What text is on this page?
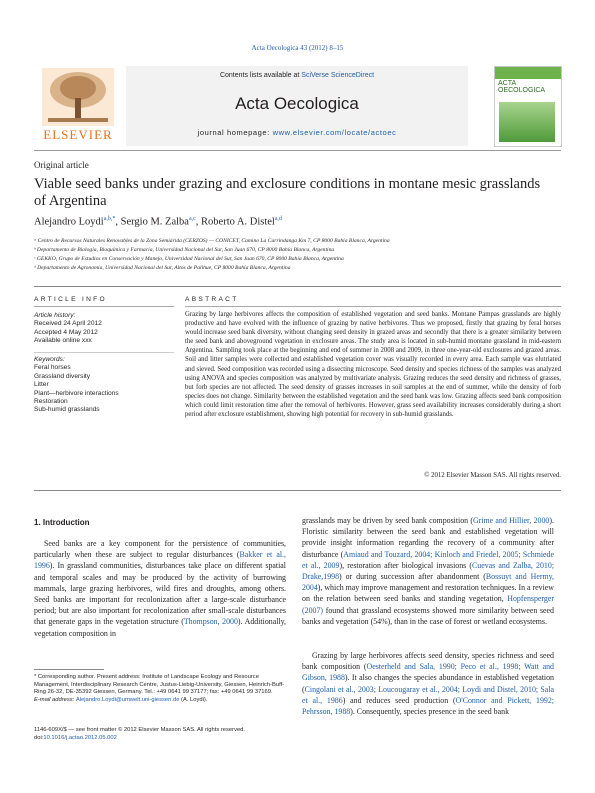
Acta Oecologica 43 (2012) 8–15
ELSEVIER
Contents lists available at SciVerse ScienceDirect
Acta Oecologica
journal homepage: www.elsevier.com/locate/actoec
ACTA
OECOLOGICA
Original article
Viable seed banks under grazing and exclosure conditions in montane mesic grasslands of Argentina
Alejandro Loydi$^{a,b,*}$, Sergio M. Zalba$^{a,c}$, Roberto A. Distel$^{a,d}$
ᵃ Centro de Recursos Naturales Renovables de la Zona Semiárida (CERZOS) — CONICET, Camino La Carrindanga Km 7, CP 8000 Bahía Blanca, Argentina
ᵇ Departamento de Biología, Bioquímica y Farmacia, Universidad Nacional del Sur, San Juan 670, CP 8000 Bahía Blanca, Argentina
ᶜ GEKKO, Grupo de Estudios en Conservación y Manejo, Universidad Nacional del Sur, San Juan 670, CP 8000 Bahía Blanca, Argentina
ᵈ Departamento de Agronomía, Universidad Nacional del Sur, Altos de Palihue, CP 8000 Bahía Blanca, Argentina
ARTICLE INFO	ABSTRACT
Article history:
Received 24 April 2012
Accepted 4 May 2012
Available online xxx
Keywords:
Feral horses
Grassland diversity
Litter
Plant—herbivore interactions
Restoration
Sub-humid grasslands
Grazing by large herbivores affects the composition of established vegetation and seed banks. Montane Pampas grasslands are highly productive and have evolved with the influence of grazing by native herbivores. Thus we proposed, firstly that grazing by feral horses would increase seed bank diversity, without changing seed density in grazed areas and secondly that there is a greater similarity between the seed bank and aboveground vegetation in exclosure areas. The study area is located in sub-humid montane grassland in mid-eastern Argentina. Sampling took place at the beginning and end of summer in 2008 and 2009, in three one-year-old exclosures and grazed areas. Soil and litter samples were collected and established vegetation cover was visually recorded in every area. Each sample was elutriated and sieved. Seed composition was recorded using a dissecting microscope. Seed density and species richness of the samples was analyzed using ANOVA and species composition was analyzed by multivariate analysis. Grazing reduces the seed density and richness of grasses, but forb species are not affected. The seed density of grasses increases in soil samples at the end of summer, while the density of forb species does not change. Similarity between the established vegetation and the seed bank was low. Grazing affects seed bank composition which could limit restoration time after the removal of herbivores. However, grass seed availability increases considerably during a short period after exclosure establishment, showing high potential for recovery in sub-humid grasslands.
© 2012 Elsevier Masson SAS. All rights reserved.
1. Introduction
Seed banks are a key component for the persistence of communities, particularly when these are subject to regular disturbances (Bakker et al., 1996). In grassland communities, disturbances take place on different spatial and temporal scales and may be produced by the activity of burrowing mammals, large grazing herbivores, wild fires and droughts, among others. Seed banks are important for recolonization after a large-scale disturbance period; but are also important for recolonization after small-scale disturbances that generate gaps in the vegetation structure (Thompson, 2000). Additionally, vegetation composition in
grasslands may be driven by seed bank composition (Grime and Hillier, 2000). Floristic similarity between the seed bank and established vegetation will provide insight information regarding the recovery of a community after disturbance (Amiaud and Touzard, 2004; Kinloch and Friedel, 2005; Schmiede et al., 2009), restoration after biological invasions (Cuevas and Zalba, 2010; Drake,1998) or during succession after abandonment (Bossuyt and Hermy, 2004), which may improve management and restoration techniques. In a review on the relation between seed banks and standing vegetation, Hopfensperger (2007) found that grassland ecosystems showed more similarity between seed banks and vegetation (54%), than in the case of forest or wetland ecosystems.
Grazing by large herbivores affects seed density, species richness and seed bank composition (Oesterheld and Sala, 1990; Peco et al., 1998; Watt and Gibson, 1988). It also changes the species abundance in established vegetation (Cingolani et al., 2003; Loucougaray et al., 2004; Loydi and Distel, 2010; Sala et al., 1986) and reduces seed production (O'Connor and Pickett, 1992; Pehrsson, 1988). Consequently, species presence in the seed bank
* Corresponding author. Present address: Institute of Landscape Ecology and Resource Management, Interdisciplinary Research Centre, Justus-Liebig-University, Giessen, Heinrich-Buff-Ring 26-32, DE-35392 Giessen, Germany. Tel.: +49 0641 99 37177; fax: +49 0641 99 37169.
E-mail address: Alejandro.Loydi@umwelt.uni-giessen.de (A. Loydi).
1146-609X/$ — see front matter © 2012 Elsevier Masson SAS. All rights reserved.
doi:10.1016/j.actao.2012.05.002
